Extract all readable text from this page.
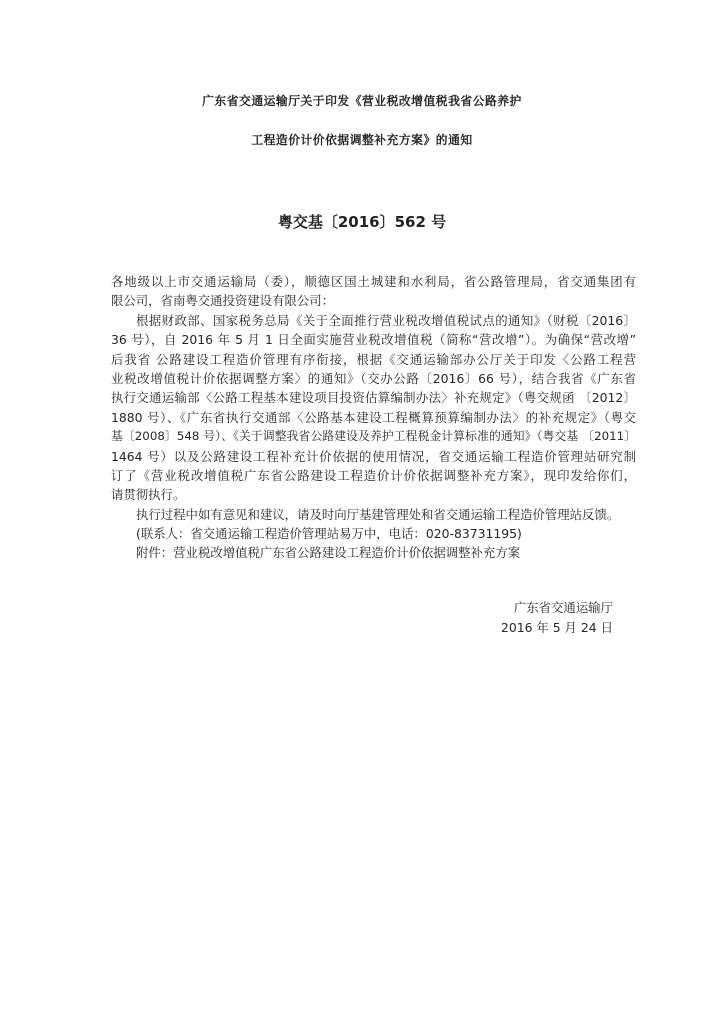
广东省交通运输厅关于印发《营业税改增值税我省公路养护
工程造价计价依据调整补充方案》的通知
粤交基〔2016〕562 号
各地级以上市交通运输局（委），顺德区国土城建和水利局，省公路管理局，省交通集团有
限公司，省南粤交通投资建设有限公司：
根据财政部、国家税务总局《关于全面推行营业税改增值税试点的通知》（财税〔2016〕
36 号），自 2016 年 5 月 1 日全面实施营业税改增值税（简称“营改增”）。为确保“营改增”
后我省 公路建设工程造价管理有序衔接，根据《交通运输部办公厅关于印发〈公路工程营
业税改增值税计价依据调整方案〉的通知》（交办公路〔2016〕66 号），结合我省《广东省
执行交通运输部〈公路工程基本建设项目投资估算编制办法〉补充规定》（粤交规函 〔2012〕
1880 号）、《广东省执行交通部〈公路基本建设工程概算预算编制办法〉的补充规定》（粤交
基〔2008〕548 号）、《关于调整我省公路建设及养护工程税金计算标准的通知》（粤交基 〔2011〕
1464 号）以及公路建设工程补充计价依据的使用情况，省交通运输工程造价管理站研究制
订了《营业税改增值税广东省公路建设工程造价计价依据调整补充方案》，现印发给你们，
请贯彻执行。
执行过程中如有意见和建议，请及时向厅基建管理处和省交通运输工程造价管理站反馈。
(联系人：省交通运输工程造价管理站易万中，电话：020-83731195)
附件：营业税改增值税广东省公路建设工程造价计价依据调整补充方案
广东省交通运输厅
2016 年 5 月 24 日
